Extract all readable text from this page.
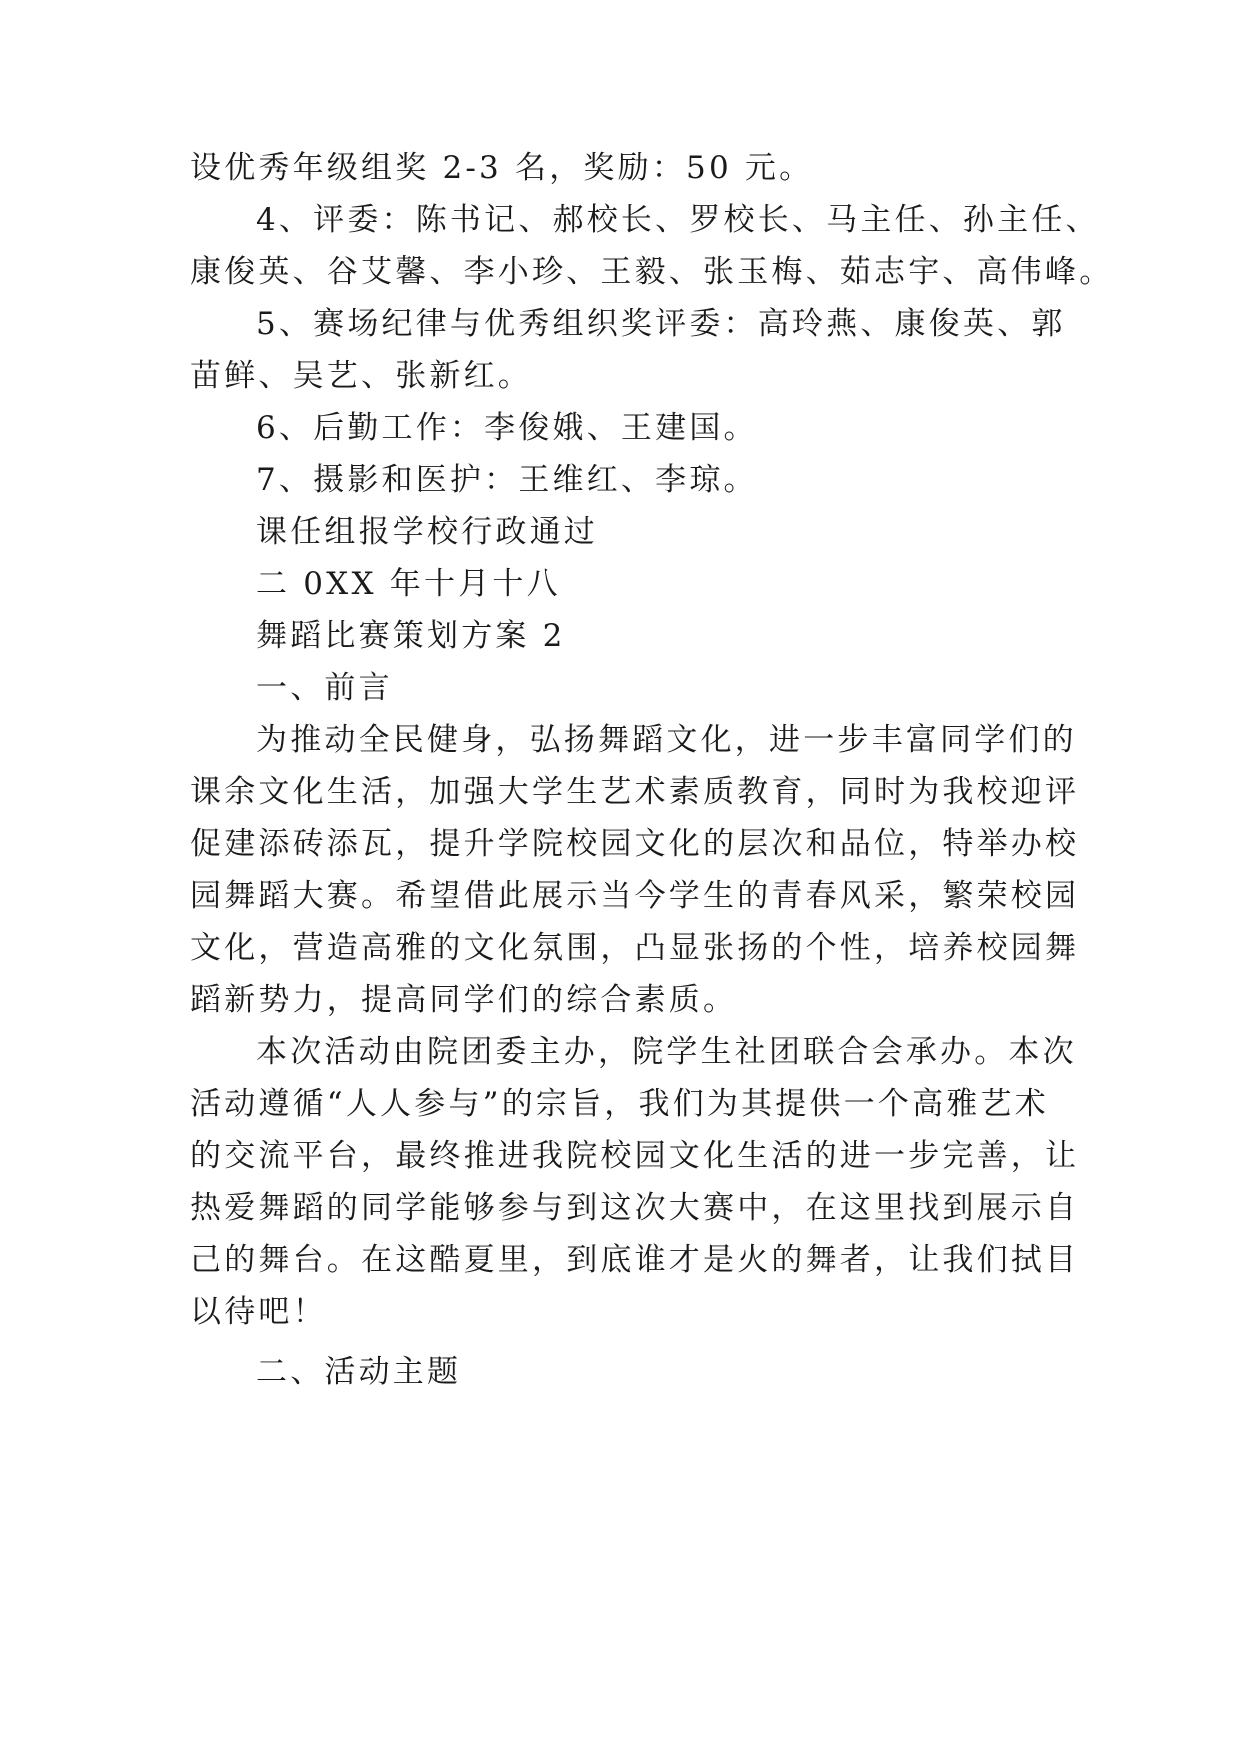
设优秀年级组奖 2-3 名，奖励：50 元。
4、评委：陈书记、郝校长、罗校长、马主任、孙主任、
康俊英、谷艾馨、李小珍、王毅、张玉梅、茹志宇、高伟峰。
5、赛场纪律与优秀组织奖评委：高玲燕、康俊英、郭
苗鲜、吴艺、张新红。
6、后勤工作：李俊娥、王建国。
7、摄影和医护：王维红、李琼。
课任组报学校行政通过
二 0XX 年十月十八
舞蹈比赛策划方案 2
一、前言
为推动全民健身，弘扬舞蹈文化，进一步丰富同学们的
课余文化生活，加强大学生艺术素质教育，同时为我校迎评
促建添砖添瓦，提升学院校园文化的层次和品位，特举办校
园舞蹈大赛。希望借此展示当今学生的青春风采，繁荣校园
文化，营造高雅的文化氛围，凸显张扬的个性，培养校园舞
蹈新势力，提高同学们的综合素质。
本次活动由院团委主办，院学生社团联合会承办。本次
活动遵循“人人参与”的宗旨，我们为其提供一个高雅艺术
的交流平台，最终推进我院校园文化生活的进一步完善，让
热爱舞蹈的同学能够参与到这次大赛中，在这里找到展示自
己的舞台。在这酷夏里，到底谁才是火的舞者，让我们拭目
以待吧！
二、活动主题
